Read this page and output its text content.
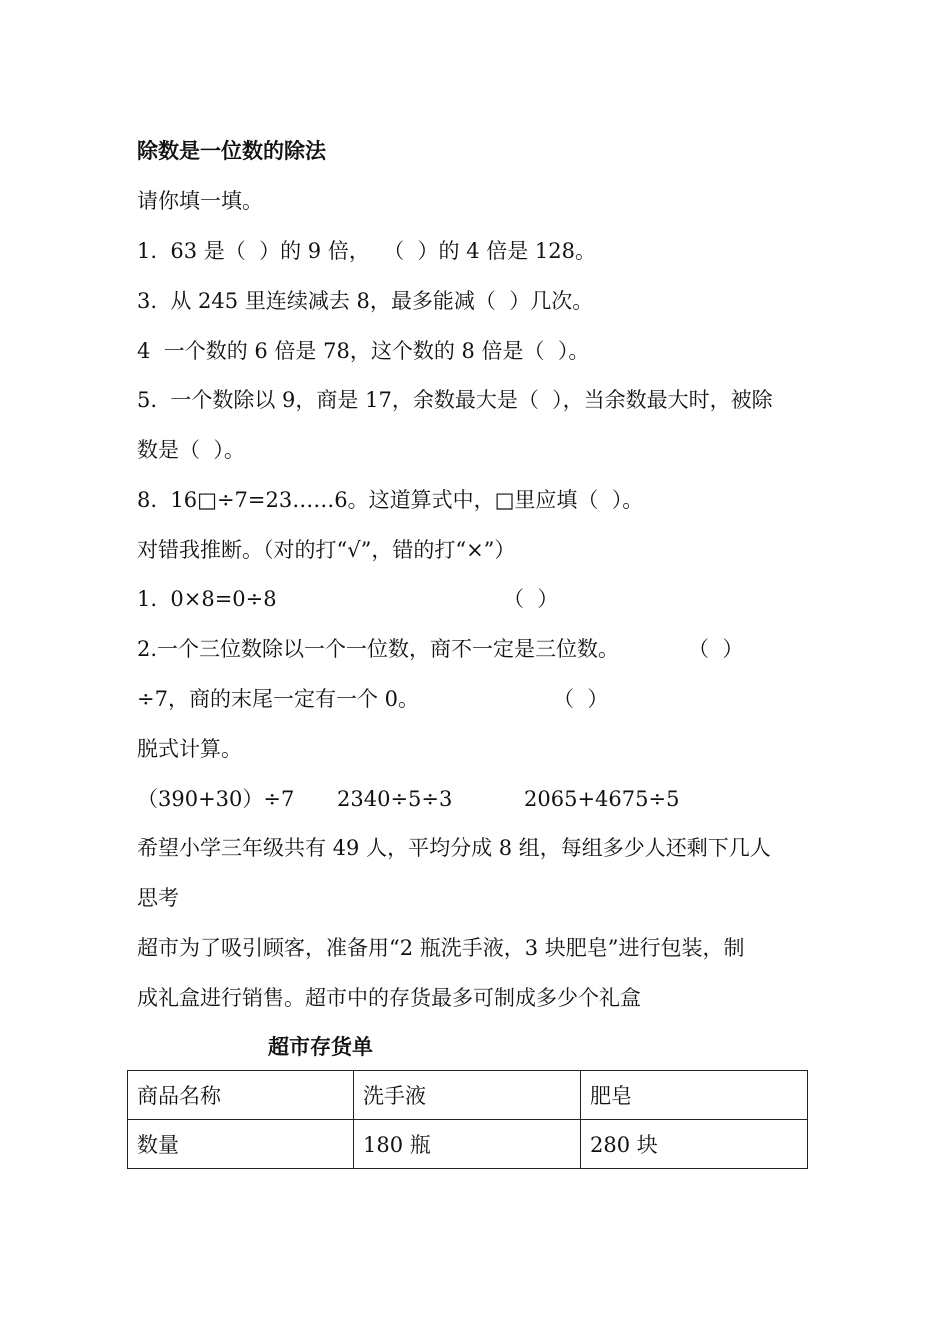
除数是一位数的除法

请你填一填。

1.  63 是（  ）的 9 倍，  （  ）的 4 倍是 128。

3.  从 245 里连续减去 8，最多能减（  ）几次。

4  一个数的 6 倍是 78，这个数的 8 倍是（  ）。

5.  一个数除以 9，商是 17，余数最大是（  ），当余数最大时，被除

数是（  ）。

8.  16□÷7=23……6。这道算式中，□里应填（  ）。

对错我推断。（对的打“√”，错的打“×”）

1.  0×8=0÷8	（  ）

2.一个三位数除以一个一位数，商不一定是三位数。	（  ）

÷7，商的末尾一定有一个 0。	（  ）

脱式计算。

（390+30）÷7 2340÷5÷3	2065+4675÷5

希望小学三年级共有 49 人，平均分成 8 组，每组多少人还剩下几人

思考

超市为了吸引顾客，准备用“2 瓶洗手液，3 块肥皂”进行包装，制

成礼盒进行销售。超市中的存货最多可制成多少个礼盒

超市存货单
商品名称	洗手液	肥皂
数量	180 瓶	280 块
